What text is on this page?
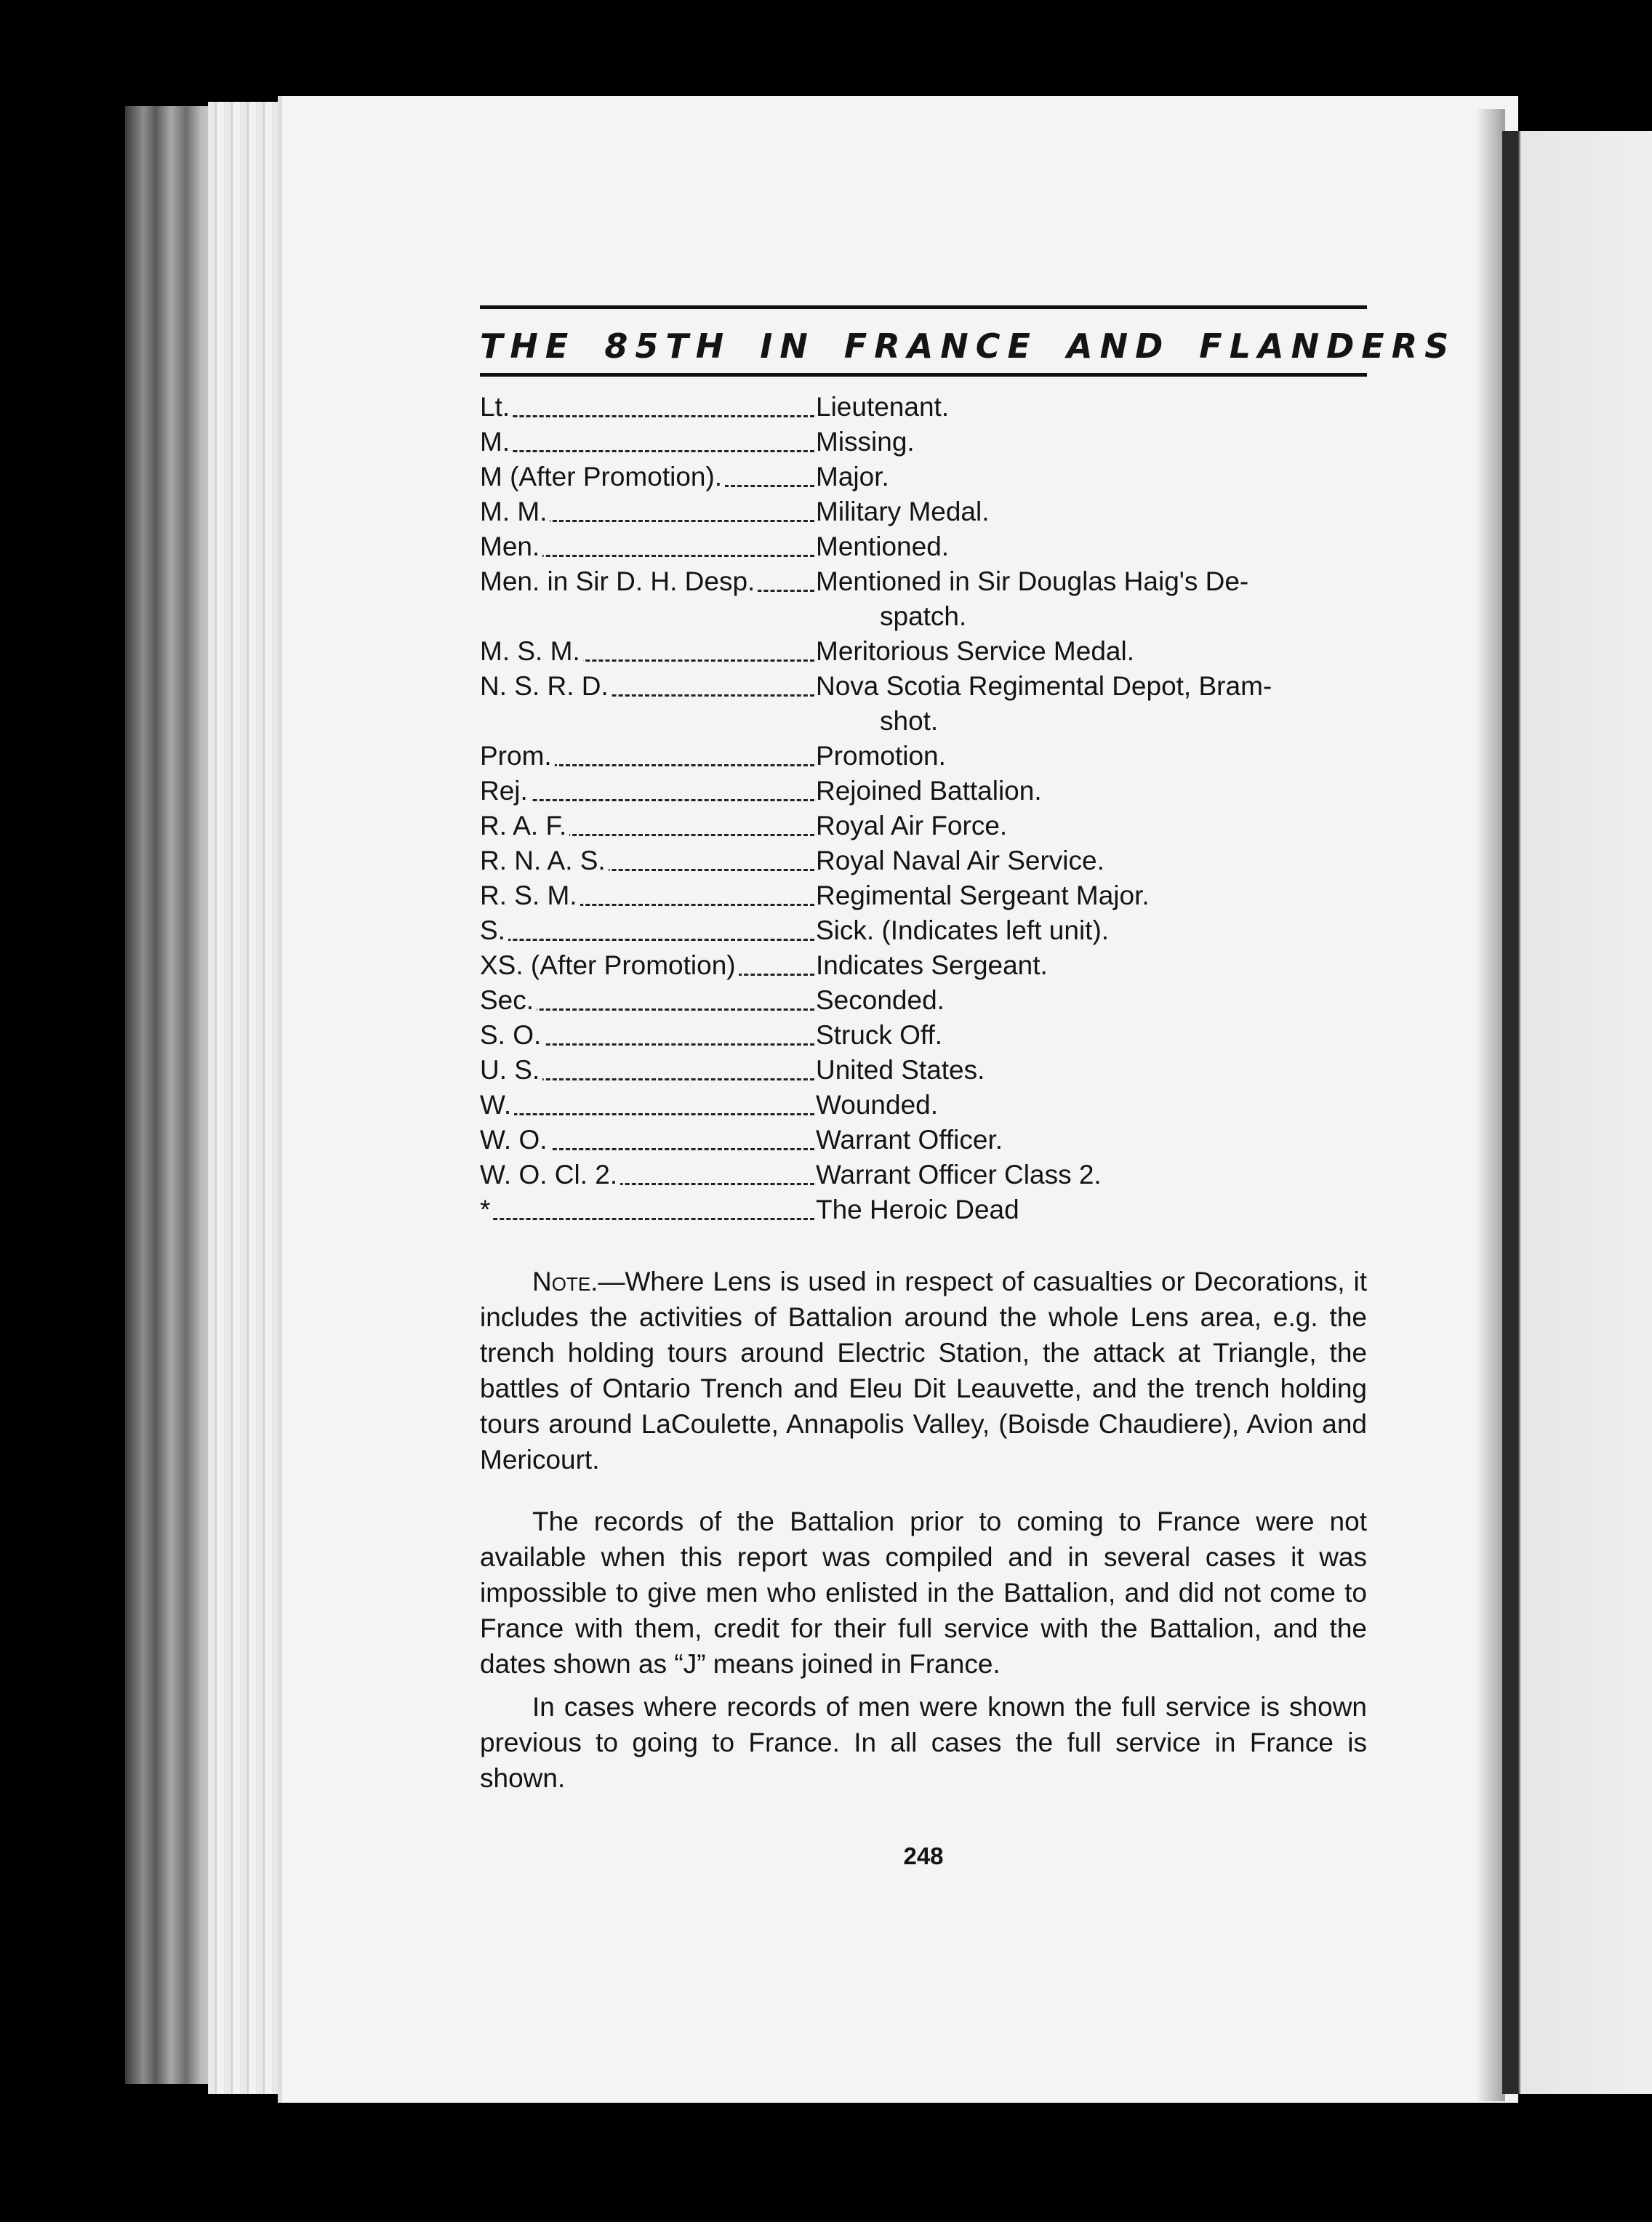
THE 85TH IN FRANCE AND FLANDERS
Lt.	Lieutenant.
M.	Missing.
M (After Promotion).	Major.
M. M.	Military Medal.
Men.	Mentioned.
Men. in Sir D. H. Desp.	Mentioned in Sir Douglas Haig's De-
spatch.
M. S. M.	Meritorious Service Medal.
N. S. R. D.	Nova Scotia Regimental Depot, Bram-
shot.
Prom.	Promotion.
Rej.	Rejoined Battalion.
R. A. F.	Royal Air Force.
R. N. A. S.	Royal Naval Air Service.
R. S. M.	Regimental Sergeant Major.
S.	Sick. (Indicates left unit).
XS. (After Promotion)	Indicates Sergeant.
Sec.	Seconded.
S. O.	Struck Off.
U. S.	United States.
W.	Wounded.
W. O.	Warrant Officer.
W. O. Cl. 2.	Warrant Officer Class 2.
*	The Heroic Dead
Note.—Where Lens is used in respect of casualties or Decorations, it includes the activities of Battalion around the whole Lens area, e.g. the trench holding tours around Electric Station, the attack at Triangle, the battles of Ontario Trench and Eleu Dit Leauvette, and the trench holding tours around LaCoulette, Annapolis Valley, (Boisde Chaudiere), Avion and Mericourt.
The records of the Battalion prior to coming to France were not available when this report was compiled and in several cases it was impossible to give men who enlisted in the Battalion, and did not come to France with them, credit for their full service with the Battalion, and the dates shown as “J” means joined in France.
In cases where records of men were known the full service is shown previous to going to France. In all cases the full service in France is shown.
248
